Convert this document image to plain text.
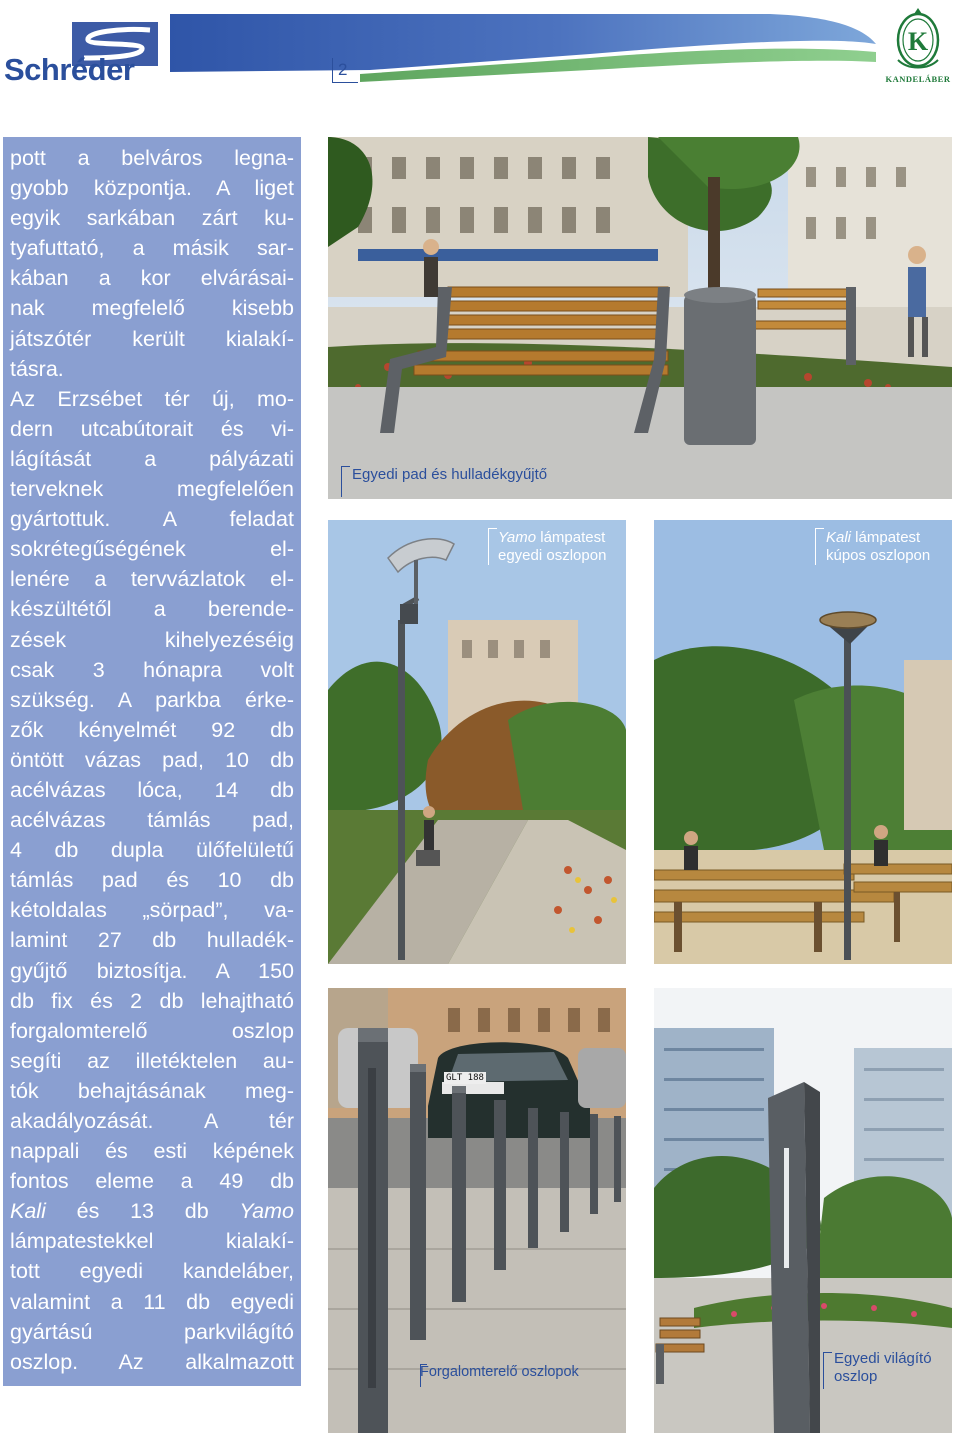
Schréder	2
K
KANDELÁBER
pott a belváros legna-
gyobb központja. A liget
egyik sarkában zárt ku-
tyafuttató, a másik sar-
kában a kor elvárásai-
nak megfelelő kisebb
játszótér került kialakí-
tásra.
Az Erzsébet tér új, mo-
dern utcabútorait és vi-
lágítását a pályázati
terveknek megfelelően
gyártottuk. A feladat
sokrétegűségének el-
lenére a tervvázlatok el-
készültétől a berende-
zések kihelyezéséig
csak 3 hónapra volt
szükség. A parkba érke-
zők kényelmét 92 db
öntött vázas pad, 10 db
acélvázas lóca, 14 db
acélvázas támlás pad,
4 db dupla ülőfelületű
támlás pad és 10 db
kétoldalas „sörpad”, va-
lamint 27 db hulladék-
gyűjtő biztosítja. A 150
db fix és 2 db lehajtható
forgalomterelő oszlop
segíti az illetéktelen au-
tók behajtásának meg-
akadályozását. A tér
nappali és esti képének
fontos eleme a 49 db
Kali és 13 db Yamo
lámpatestekkel kialakí-
tott egyedi kandeláber,
valamint a 11 db egyedi
gyártású parkvilágító
oszlop. Az alkalmazott
Egyedi pad és hulladékgyűjtő
Yamo lámpatest
egyedi oszlopon
Kali lámpatest
kúpos oszlopon
Forgalomterelő oszlopok
GLT 188
Egyedi világító
oszlop
